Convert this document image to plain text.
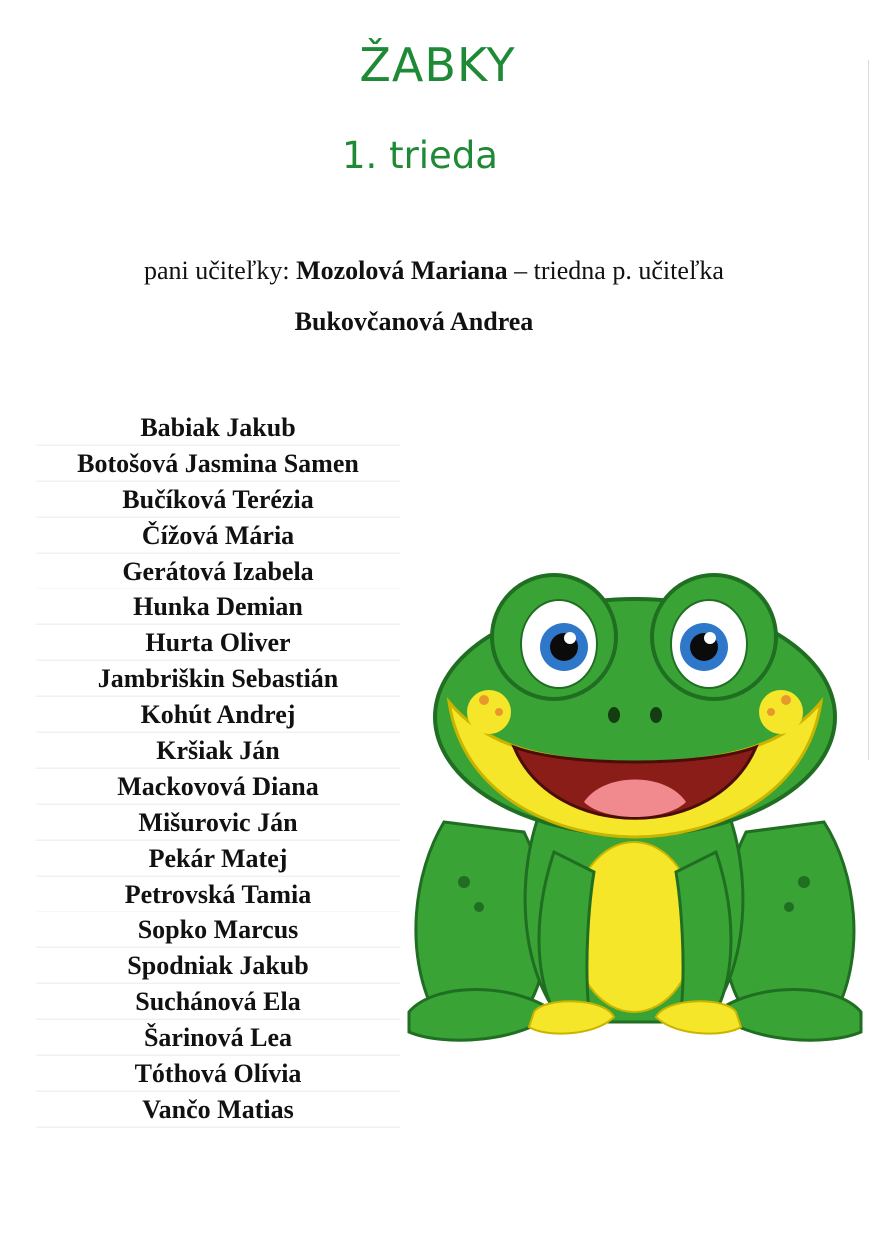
ŽABKY
1. trieda
pani učiteľky: Mozolová Mariana – triedna p. učiteľka
Bukovčanová Andrea
Babiak Jakub
Botošová Jasmina Samen
Bučíková Terézia
Čížová Mária
Gerátová Izabela
Hunka Demian
Hurta Oliver
Jambriškin Sebastián
Kohút Andrej
Kršiak Ján
Mackovová Diana
Mišurovic Ján
Pekár Matej
Petrovská Tamia
Sopko Marcus
Spodniak Jakub
Suchánová Ela
Šarinová Lea
Tóthová Olívia
Vančo Matias
